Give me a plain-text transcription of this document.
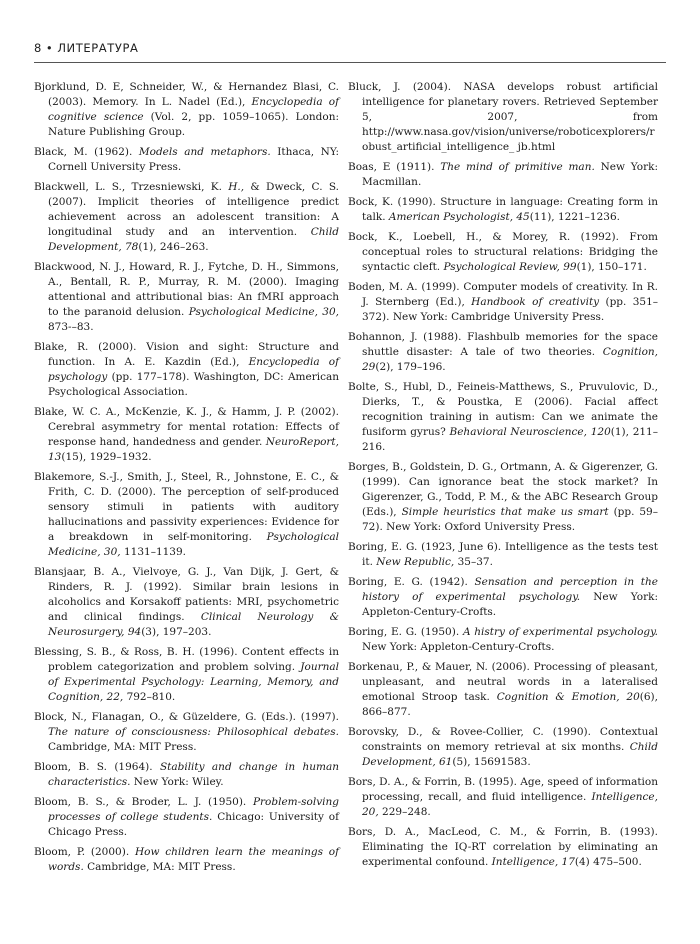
8 • ЛИТЕРАТУРА

Bjorklund, D. E, Schneider, W., & Hernandez Blasi, C. (2003). Memory. In L. Nadel (Ed.), Encyclopedia of cognitive science (Vol. 2, pp. 1059–1065). London: Nature Publishing Group.

Black, M. (1962). Models and metaphors. Ithaca, NY: Cornell University Press.

Blackwell, L. S., Trzesniewski, K. H., & Dweck, C. S. (2007). Implicit theories of intelligence predict achievement across an adolescent transition: A longitudinal study and an intervention. Child Development, 78(1), 246–263.

Blackwood, N. J., Howard, R. J., Fytche, D. H., Simmons, A., Bentall, R. P., Murray, R. M. (2000). Imaging attentional and attributional bias: An fMRI approach to the paranoid delusion. Psychological Medicine, 30, 873-–83.

Blake, R. (2000). Vision and sight: Structure and function. In A. E. Kazdin (Ed.), Encyclopedia of psychology (pp. 177–178). Washington, DC: American Psychological Association.

Blake, W. C. A., McKenzie, K. J., & Hamm, J. P. (2002). Cerebral asymmetry for mental rotation: Effects of response hand, handedness and gender. NeuroReport, 13(15), 1929–1932.

Blakemore, S.-J., Smith, J., Steel, R., Johnstone, E. C., & Frith, C. D. (2000). The perception of self-produced sensory stimuli in patients with auditory hallucinations and passivity experiences: Evidence for a breakdown in self-monitoring. Psychological Medicine, 30, 1131–1139.

Blansjaar, B. A., Vielvoye, G. J., Van Dijk, J. Gert, & Rinders, R. J. (1992). Similar brain lesions in alcoholics and Korsakoff patients: MRI, psychometric and clinical findings. Clinical Neurology & Neurosurgery, 94(3), 197–203.

Blessing, S. B., & Ross, B. H. (1996). Content effects in problem categorization and problem solving. Journal of Experimental Psychology: Learning, Memory, and Cognition, 22, 792–810.

Block, N., Flanagan, O., & Güzeldere, G. (Eds.). (1997). The nature of consciousness: Philosophical debates. Cambridge, MA: MIT Press.

Bloom, B. S. (1964). Stability and change in human characteristics. New York: Wiley.

Bloom, B. S., & Broder, L. J. (1950). Problem-solving processes of college students. Chicago: University of Chicago Press.

Bloom, P. (2000). How children learn the meanings of words. Cambridge, MA: MIT Press.

Bluck, J. (2004). NASA develops robust artificial intelligence for planetary rovers. Retrieved September 5, 2007, from http://www.nasa.gov/vision/universe/roboticexplorers/robust_artificial_intelligence_ jb.html

Boas, E (1911). The mind of primitive man. New York: Macmillan.

Bock, K. (1990). Structure in language: Creating form in talk. American Psychologist, 45(11), 1221–1236.

Bock, K., Loebell, H., & Morey, R. (1992). From conceptual roles to structural relations: Bridging the syntactic cleft. Psychological Review, 99(1), 150–171.

Boden, M. A. (1999). Computer models of creativity. In R. J. Sternberg (Ed.), Handbook of creativity (pp. 351–372). New York: Cambridge University Press.

Bohannon, J. (1988). Flashbulb memories for the space shuttle disaster: A tale of two theories. Cognition, 29(2), 179–196.

Bolte, S., Hubl, D., Feineis-Matthews, S., Pruvulovic, D., Dierks, T., & Poustka, E (2006). Facial affect recognition training in autism: Can we animate the fusiform gyrus? Behavioral Neuroscience, 120(1), 211–216.

Borges, B., Goldstein, D. G., Ortmann, A. & Gigerenzer, G. (1999). Can ignorance beat the stock market? In Gigerenzer, G., Todd, P. M., & the ABC Research Group (Eds.), Simple heuristics that make us smart (pp. 59–72). New York: Oxford University Press.

Boring, E. G. (1923, June 6). Intelligence as the tests test it. New Republic, 35–37.

Boring, E. G. (1942). Sensation and perception in the history of experimental psychology. New York: Appleton-Century-Crofts.

Boring, E. G. (1950). A histry of experimental psychology. New York: Appleton-Century-Crofts.

Borkenau, P., & Mauer, N. (2006). Processing of pleasant, unpleasant, and neutral words in a lateralised emotional Stroop task. Cognition & Emotion, 20(6), 866–877.

Borovsky, D., & Rovee-Collier, C. (1990). Contextual constraints on memory retrieval at six months. Child Development, 61(5), 15691583.

Bors, D. A., & Forrin, B. (1995). Age, speed of information processing, recall, and fluid intelligence. Intelligence, 20, 229–248.

Bors, D. A., MacLeod, C. M., & Forrin, B. (1993). Eliminating the IQ-RT correlation by eliminating an experimental confound. Intelligence, 17(4) 475–500.
